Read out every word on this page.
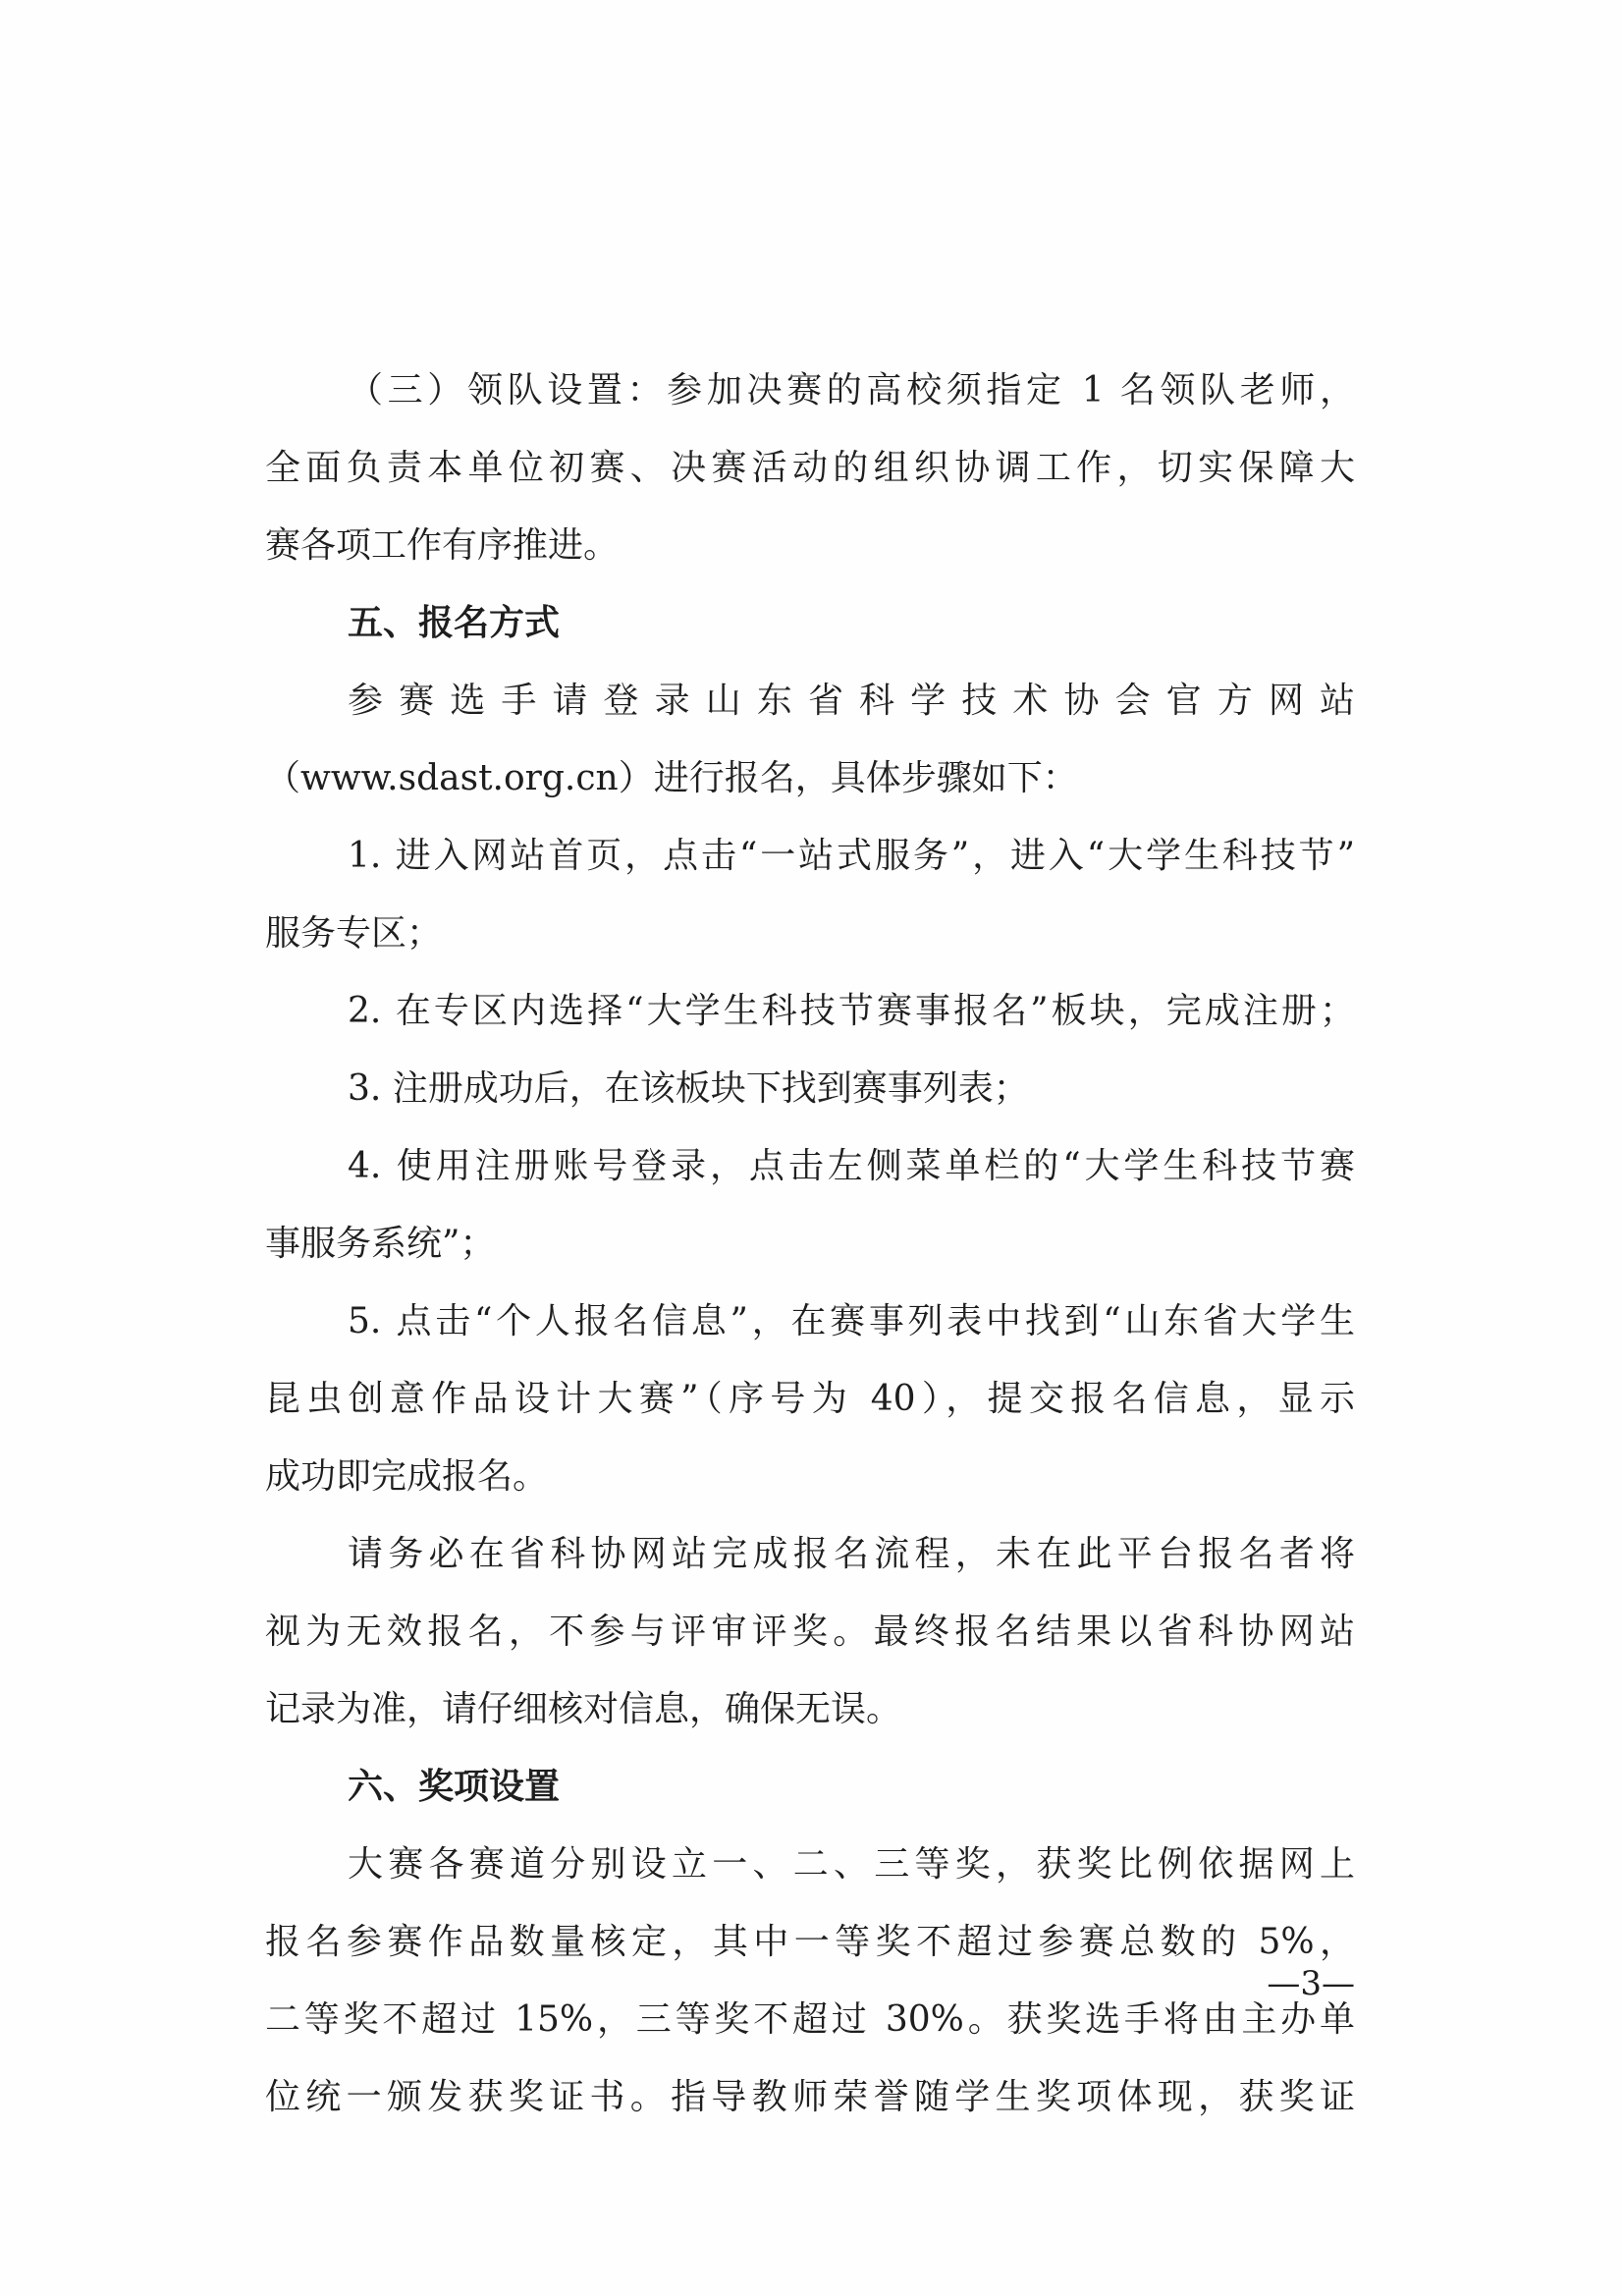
（三）领队设置：参加决赛的高校须指定 1 名领队老师，
全面负责本单位初赛、决赛活动的组织协调工作，切实保障大
赛各项工作有序推进。
五、报名方式
参赛选手请登录山东省科学技术协会官方网站
（www.sdast.org.cn）进行报名，具体步骤如下：
1. 进入网站首页，点击“一站式服务”，进入“大学生科技节”
服务专区；
2. 在专区内选择“大学生科技节赛事报名”板块，完成注册；
3. 注册成功后，在该板块下找到赛事列表；
4. 使用注册账号登录，点击左侧菜单栏的“大学生科技节赛
事服务系统”；
5. 点击“个人报名信息”，在赛事列表中找到“山东省大学生
昆虫创意作品设计大赛”（序号为 40），提交报名信息，显示
成功即完成报名。
请务必在省科协网站完成报名流程，未在此平台报名者将
视为无效报名，不参与评审评奖。最终报名结果以省科协网站
记录为准，请仔细核对信息，确保无误。
六、奖项设置
大赛各赛道分别设立一、二、三等奖，获奖比例依据网上
报名参赛作品数量核定，其中一等奖不超过参赛总数的 5%，
二等奖不超过 15%，三等奖不超过 30%。获奖选手将由主办单
位统一颁发获奖证书。指导教师荣誉随学生奖项体现，获奖证
—3—
